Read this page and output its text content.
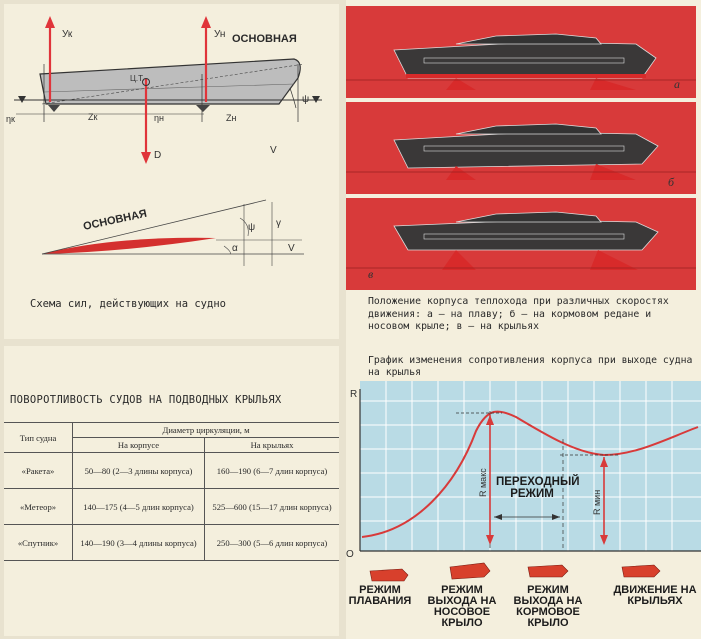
Ук	Ун ОСНОВНАЯ
Ц.Т.
ηк	Zк	ηн	Zн
D	V
ψ
ОСНОВНАЯ	ψ γ
α	V
Схема сил, действующих на судно
а
б
в
Положение корпуса теплохода при различных скоростях движения: а — на плаву; б — на кормовом редане и носовом крыле; в — на крыльях
ПОВОРОТЛИВОСТЬ СУДОВ НА ПОДВОДНЫХ КРЫЛЬЯХ
Тип судна	Диаметр циркуляции, м	
	На корпусе	На крыльях
«Ракета»	50—80 (2—3 длины корпуса)	160—190 (6—7 длин корпуса)
«Метеор»	140—175 (4—5 длин корпуса)	525—600 (15—17 длин корпуса)
«Спутник»	140—190 (3—4 длины корпуса)	250—300 (5—6 длин корпуса)
График изменения сопротивления корпуса при выходе судна на крылья
R
O
R макс
R мин
ПЕРЕХОДНЫЙ РЕЖИМ
РЕЖИМ ПЛАВАНИЯ
РЕЖИМ ВЫХОДА НА НОСОВОЕ КРЫЛО
РЕЖИМ ВЫХОДА НА КОРМОВОЕ КРЫЛО
ДВИЖЕНИЕ НА КРЫЛЬЯХ
